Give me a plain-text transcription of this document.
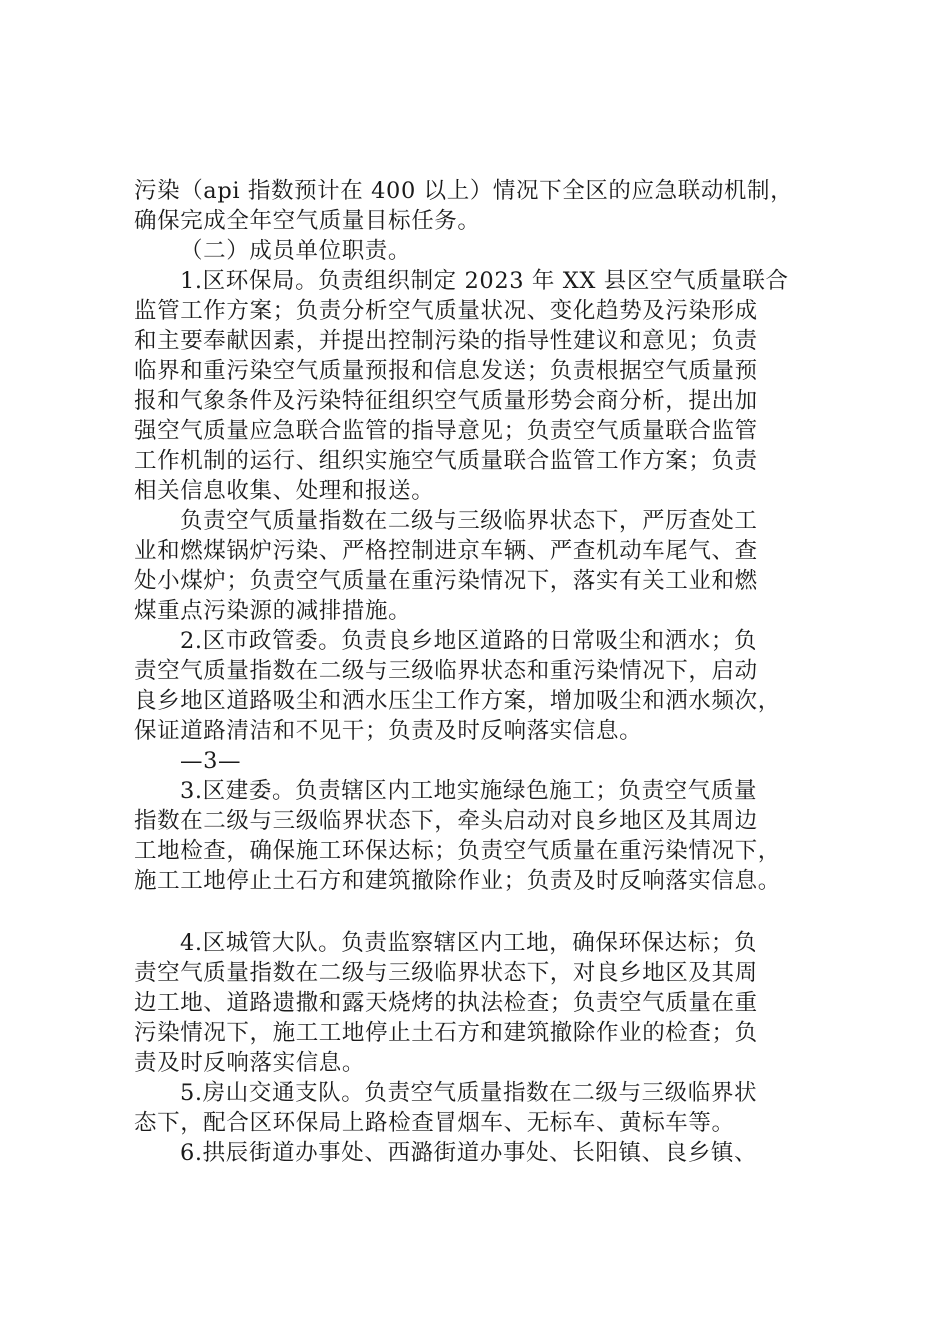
污染（api 指数预计在 400 以上）情况下全区的应急联动机制，
确保完成全年空气质量目标任务。
（二）成员单位职责。
1.区环保局。负责组织制定 2023 年 XX 县区空气质量联合
监管工作方案；负责分析空气质量状况、变化趋势及污染形成
和主要奉献因素，并提出控制污染的指导性建议和意见；负责
临界和重污染空气质量预报和信息发送；负责根据空气质量预
报和气象条件及污染特征组织空气质量形势会商分析，提出加
强空气质量应急联合监管的指导意见；负责空气质量联合监管
工作机制的运行、组织实施空气质量联合监管工作方案；负责
相关信息收集、处理和报送。
负责空气质量指数在二级与三级临界状态下，严厉查处工
业和燃煤锅炉污染、严格控制进京车辆、严查机动车尾气、查
处小煤炉；负责空气质量在重污染情况下，落实有关工业和燃
煤重点污染源的减排措施。
2.区市政管委。负责良乡地区道路的日常吸尘和洒水；负
责空气质量指数在二级与三级临界状态和重污染情况下，启动
良乡地区道路吸尘和洒水压尘工作方案，增加吸尘和洒水频次，
保证道路清洁和不见干；负责及时反响落实信息。
—3—
3.区建委。负责辖区内工地实施绿色施工；负责空气质量
指数在二级与三级临界状态下，牵头启动对良乡地区及其周边
工地检查，确保施工环保达标；负责空气质量在重污染情况下，
施工工地停止土石方和建筑撤除作业；负责及时反响落实信息。
4.区城管大队。负责监察辖区内工地，确保环保达标；负
责空气质量指数在二级与三级临界状态下，对良乡地区及其周
边工地、道路遗撒和露天烧烤的执法检查；负责空气质量在重
污染情况下，施工工地停止土石方和建筑撤除作业的检查；负
责及时反响落实信息。
5.房山交通支队。负责空气质量指数在二级与三级临界状
态下，配合区环保局上路检查冒烟车、无标车、黄标车等。
6.拱辰街道办事处、西潞街道办事处、长阳镇、良乡镇、
